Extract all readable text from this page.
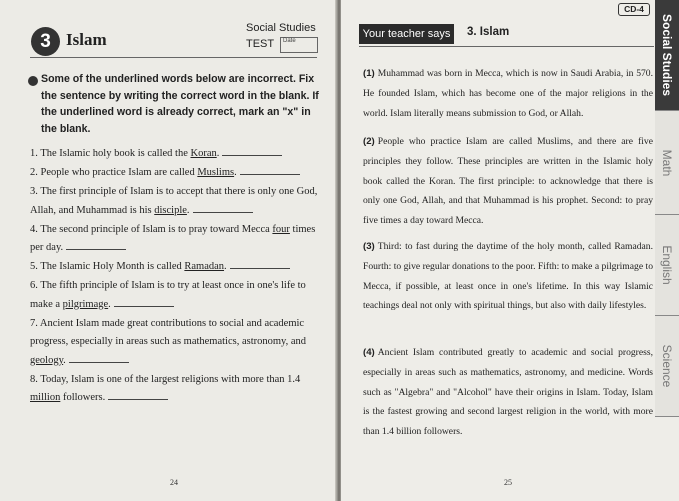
3 Islam
Social Studies
TEST Date
Some of the underlined words below are incorrect. Fix the sentence by writing the correct word in the blank. If the underlined word is already correct, mark an "x" in the blank.
1. The Islamic holy book is called the Koran.
2. People who practice Islam are called Muslims.
3. The first principle of Islam is to accept that there is only one God, Allah, and Muhammad is his disciple.
4. The second principle of Islam is to pray toward Mecca four times per day.
5. The Islamic Holy Month is called Ramadan.
6. The fifth principle of Islam is to try at least once in one's life to make a pilgrimage.
7. Ancient Islam made great contributions to social and academic progress, especially in areas such as mathematics, astronomy, and geology.
8. Today, Islam is one of the largest religions with more than 1.4 million followers.
24
CD-4
Your teacher says	3. Islam

(1) Muhammad was born in Mecca, which is now in Saudi Arabia, in 570. He founded Islam, which has become one of the major religions in the world. Islam literally means submission to God, or Allah.

(2) People who practice Islam are called Muslims, and there are five principles they follow. These principles are written in the Islamic holy book called the Koran. The first principle: to acknowledge that there is only one God, Allah, and that Muhammad is his prophet. Second: to pray five times a day toward Mecca.

(3) Third: to fast during the daytime of the holy month, called Ramadan. Fourth: to give regular donations to the poor. Fifth: to make a pilgrimage to Mecca, if possible, at least once in one's lifetime. In this way Islamic teachings deal not only with spiritual things, but also with daily lifestyles.

(4) Ancient Islam contributed greatly to academic and social progress, especially in areas such as mathematics, astronomy, and medicine. Words such as "Algebra" and "Alcohol" have their origins in Islam. Today, Islam is the fastest growing and second largest religion in the world, with more than 1.4 billion followers.

25
Social Studies
Math
English
Science
